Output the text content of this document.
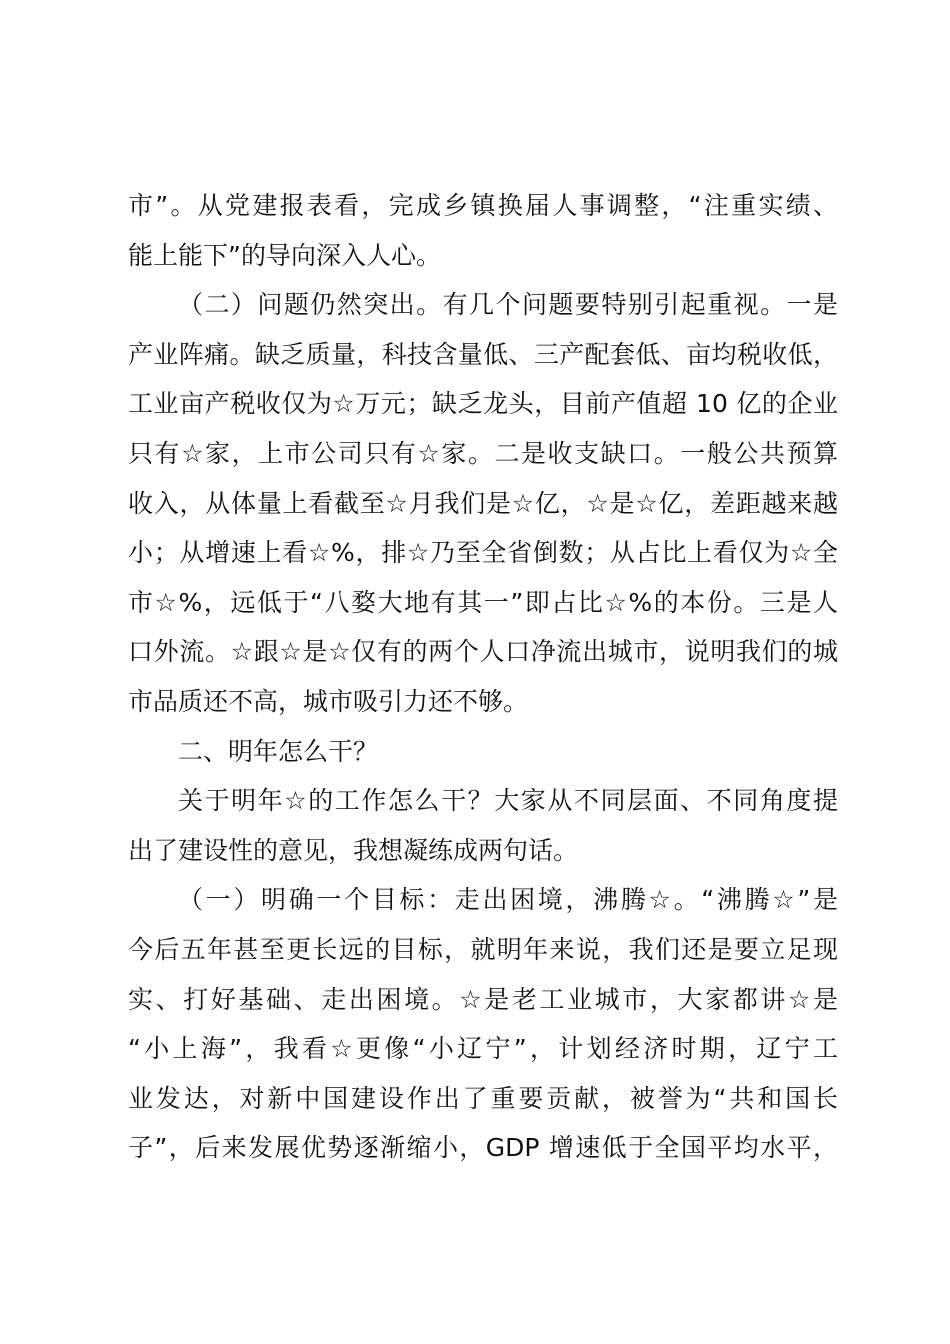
市”。从党建报表看，完成乡镇换届人事调整，“注重实绩、
能上能下”的导向深入人心。
（二）问题仍然突出。有几个问题要特别引起重视。一是
产业阵痛。缺乏质量，科技含量低、三产配套低、亩均税收低，
工业亩产税收仅为☆万元；缺乏龙头，目前产值超 10 亿的企业
只有☆家，上市公司只有☆家。二是收支缺口。一般公共预算
收入，从体量上看截至☆月我们是☆亿，☆是☆亿，差距越来越
小；从增速上看☆%，排☆乃至全省倒数；从占比上看仅为☆全
市☆%，远低于“八婺大地有其一”即占比☆%的本份。三是人
口外流。☆跟☆是☆仅有的两个人口净流出城市，说明我们的城
市品质还不高，城市吸引力还不够。
二、明年怎么干？
关于明年☆的工作怎么干？大家从不同层面、不同角度提
出了建设性的意见，我想凝练成两句话。
（一）明确一个目标：走出困境，沸腾☆。“沸腾☆”是
今后五年甚至更长远的目标，就明年来说，我们还是要立足现
实、打好基础、走出困境。☆是老工业城市，大家都讲☆是
“小上海”，我看☆更像“小辽宁”，计划经济时期，辽宁工
业发达，对新中国建设作出了重要贡献，被誉为“共和国长
子”，后来发展优势逐渐缩小，GDP 增速低于全国平均水平，
